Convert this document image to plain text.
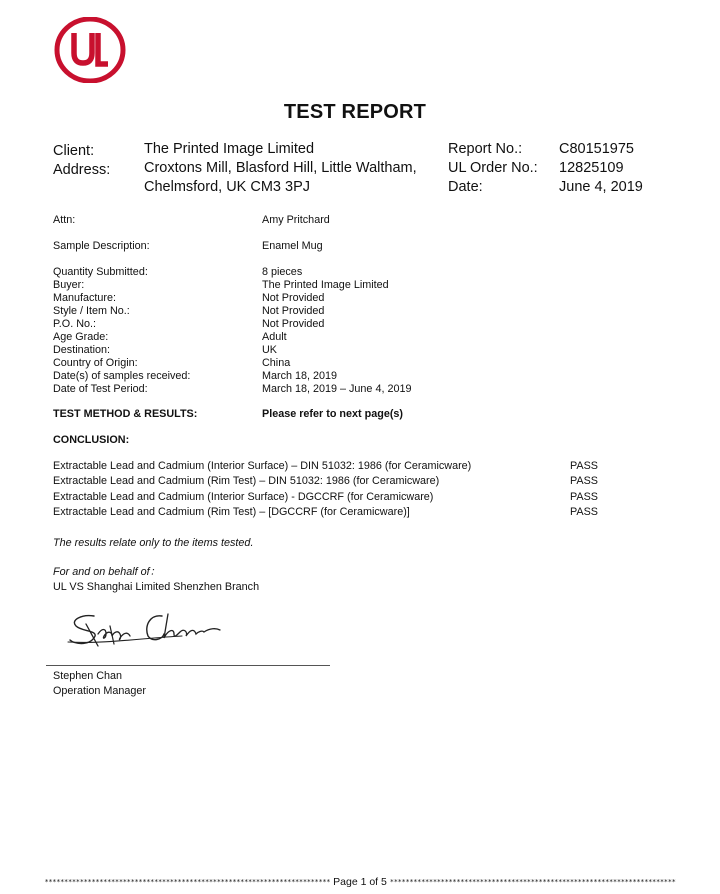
TEST REPORT
Client:	The Printed Image Limited
Address: Croxtons Mill, Blasford Hill, Little Waltham,
Chelmsford, UK CM3 3PJ
Report No.:	C80151975
UL Order No.: 12825109
Date:	June 4, 2019
Attn:	Amy Pritchard
Sample Description:	Enamel Mug
Quantity Submitted:	8 pieces
Buyer:	The Printed Image Limited
Manufacture:	Not Provided
Style / Item No.:	Not Provided
P.O. No.:	Not Provided
Age Grade:	Adult
Destination:	UK
Country of Origin:	China
Date(s) of samples received:	March 18, 2019
Date of Test Period:	March 18, 2019 – June 4, 2019
TEST METHOD & RESULTS:	Please refer to next page(s)
CONCLUSION:
Extractable Lead and Cadmium (Interior Surface) – DIN 51032: 1986 (for Ceramicware)	PASS
Extractable Lead and Cadmium (Rim Test) – DIN 51032: 1986 (for Ceramicware)	PASS
Extractable Lead and Cadmium (Interior Surface) - DGCCRF (for Ceramicware)	PASS
Extractable Lead and Cadmium (Rim Test) – [DGCCRF (for Ceramicware)]	PASS
The results relate only to the items tested.
For and on behalf of：
UL VS Shanghai Limited Shenzhen Branch
Stephen Chan
Operation Manager
************************************************************************* Page 1 of 5 *************************************************************************
